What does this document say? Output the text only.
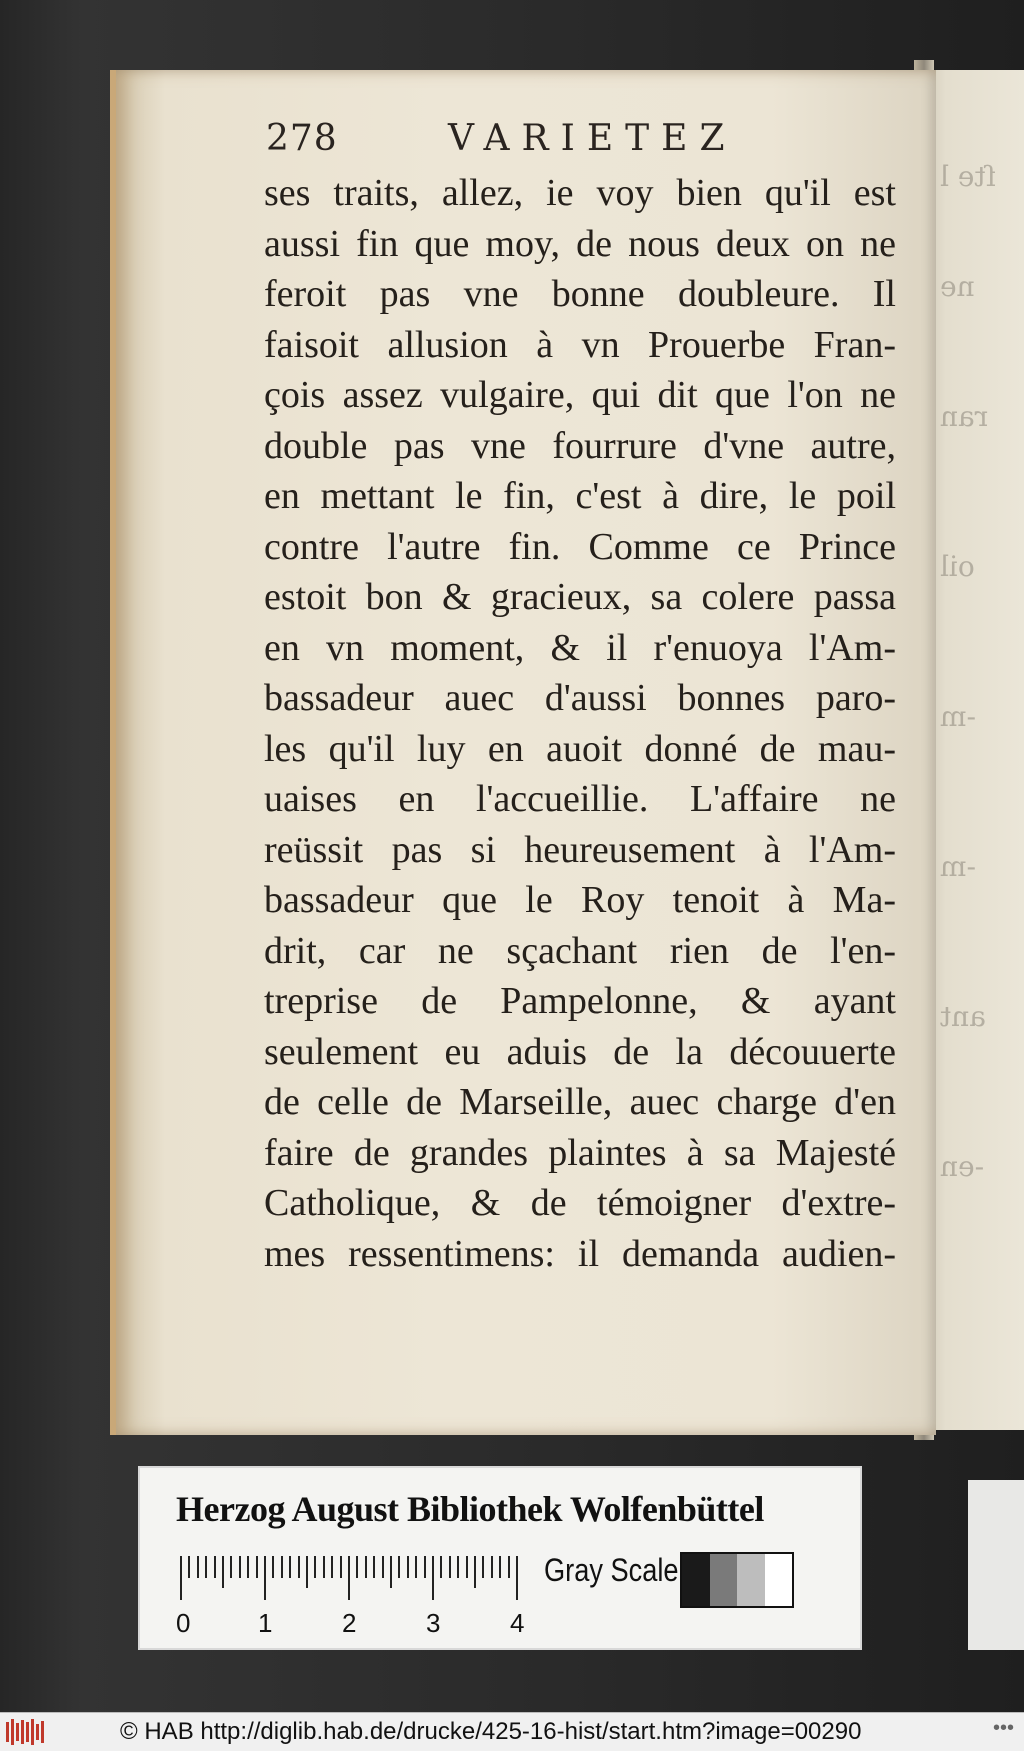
ſte l
ne
ran
oil
-m
-m
ant
-en
278	VARIETEZ
ses traits, allez, ie voy bien qu'il est
aussi fin que moy, de nous deux on ne
feroit pas vne bonne doubleure. Il
faisoit allusion à vn Prouerbe Fran-
çois assez vulgaire, qui dit que l'on ne
double pas vne fourrure d'vne autre,
en mettant le fin, c'est à dire, le poil
contre l'autre fin. Comme ce Prince
estoit bon & gracieux, sa colere passa
en vn moment, & il r'enuoya l'Am-
bassadeur auec d'aussi bonnes paro-
les qu'il luy en auoit donné de mau-
uaises en l'accueillie. L'affaire ne
reüssit pas si heureusement à l'Am-
bassadeur que le Roy tenoit à Ma-
drit, car ne sçachant rien de l'en-
treprise de Pampelonne, & ayant
seulement eu aduis de la découuerte
de celle de Marseille, auec charge d'en
faire de grandes plaintes à sa Majesté
Catholique, & de témoigner d'extre-
mes ressentimens: il demanda audien-
Herzog August Bibliothek Wolfenbüttel
0	1	2	3	4
Gray Scale
© HAB http://diglib.hab.de/drucke/425-16-hist/start.htm?image=00290	•••
